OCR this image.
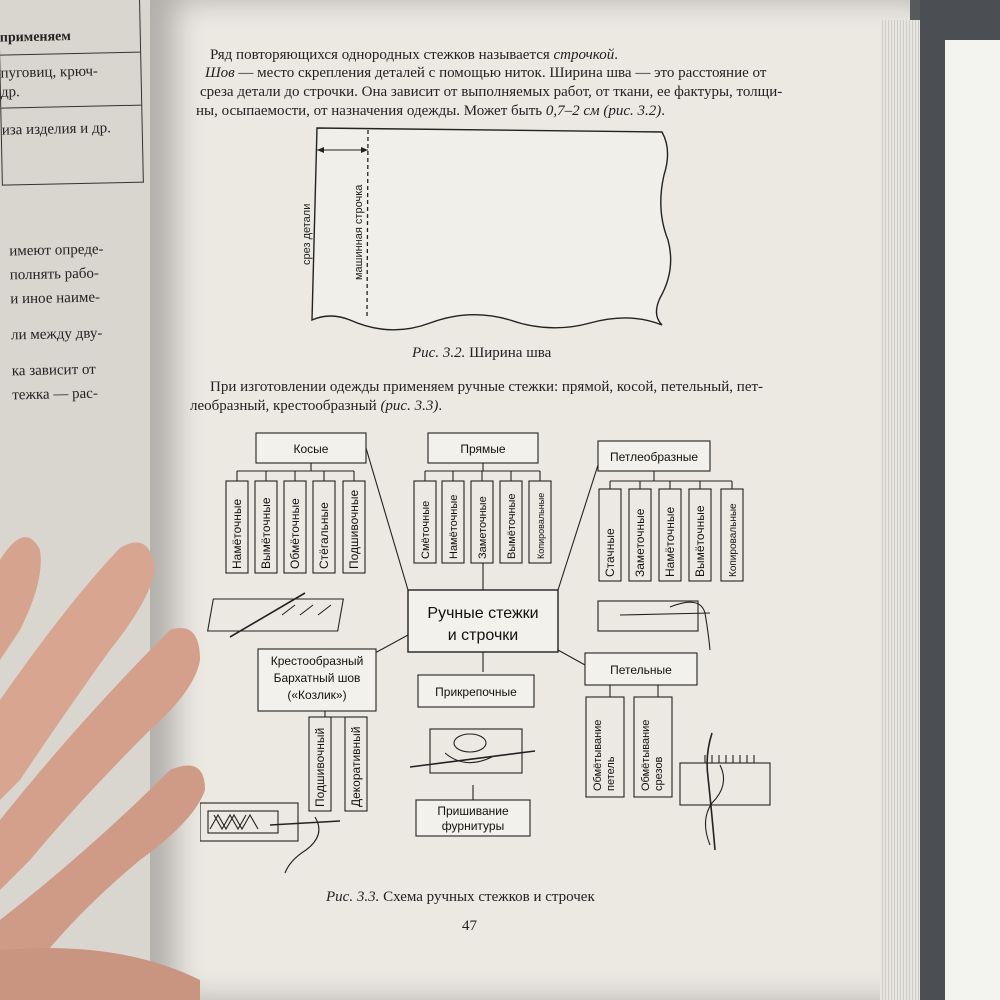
применяем
пуговиц, крюч-
др.
иза изделия и др.
имеют опреде-
полнять рабо-
и иное наиме-
ли между дву-
ка зависит от
тежка — рас-
Ряд повторяющихся однородных стежков называется строчкой.
Шов — место скрепления деталей с помощью ниток. Ширина шва — это расстояние от
среза детали до строчки. Она зависит от выполняемых работ, от ткани, ее фактуры, толщи-
ны, осыпаемости, от назначения одежды. Может быть 0,7–2 см (рис. 3.2).
срез детали	машинная строчка
Рис. 3.2. Ширина шва
При изготовлении одежды применяем ручные стежки: прямой, косой, петельный, пет-
леобразный, крестообразный (рис. 3.3).
Косые	Прямые
Петлеобразные
Намёточные Вымёточные Обмёточные Стёгальные Подшивочные	Смёточные Намёточные Заметочные Вымёточные Копировальные	Стачные Заметочные Намёточные Вымёточные Копировальные
Ручные стежки
и строчки
Крестообразный
Бархатный шов
(«Козлик»)
Подшивочный Декоративный
Прикрепочные
Пришивание
фурнитуры
Петельные
Обмётывание петель Обмётывание срезов
Рис. 3.3. Схема ручных стежков и строчек
47
